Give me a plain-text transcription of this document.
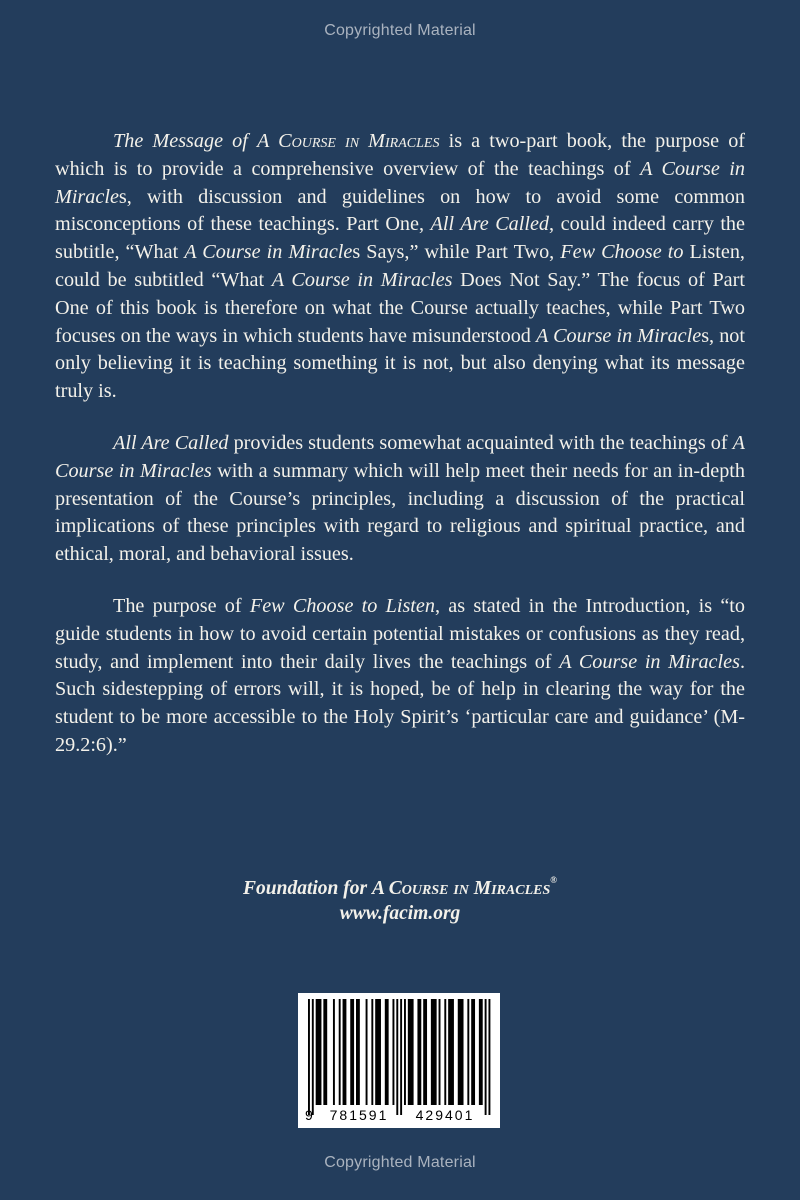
Copyrighted Material

The Message of A Course in Miracles is a two-part book, the purpose of which is to provide a comprehensive overview of the teachings of A Course in Miracles, with discussion and guidelines on how to avoid some common misconceptions of these teachings. Part One, All Are Called, could indeed carry the subtitle, “What A Course in Miracles Says,” while Part Two, Few Choose to Listen, could be subtitled “What A Course in Miracles Does Not Say.” The focus of Part One of this book is therefore on what the Course actually teaches, while Part Two focuses on the ways in which students have misunderstood A Course in Miracles, not only believing it is teaching something it is not, but also denying what its message truly is.

All Are Called provides students somewhat acquainted with the teachings of A Course in Miracles with a summary which will help meet their needs for an in-depth presentation of the Course’s principles, including a discussion of the practical implications of these principles with regard to religious and spiritual practice, and ethical, moral, and behavioral issues.

The purpose of Few Choose to Listen, as stated in the Introduction, is “to guide students in how to avoid certain potential mistakes or confusions as they read, study, and implement into their daily lives the teachings of A Course in Miracles. Such sidestepping of errors will, it is hoped, be of help in clearing the way for the student to be more accessible to the Holy Spirit’s ‘particular care and guidance’ (M-29.2:6).”

Foundation for A Course in Miracles®
www.facim.org
9 781591 429401
Copyrighted Material
